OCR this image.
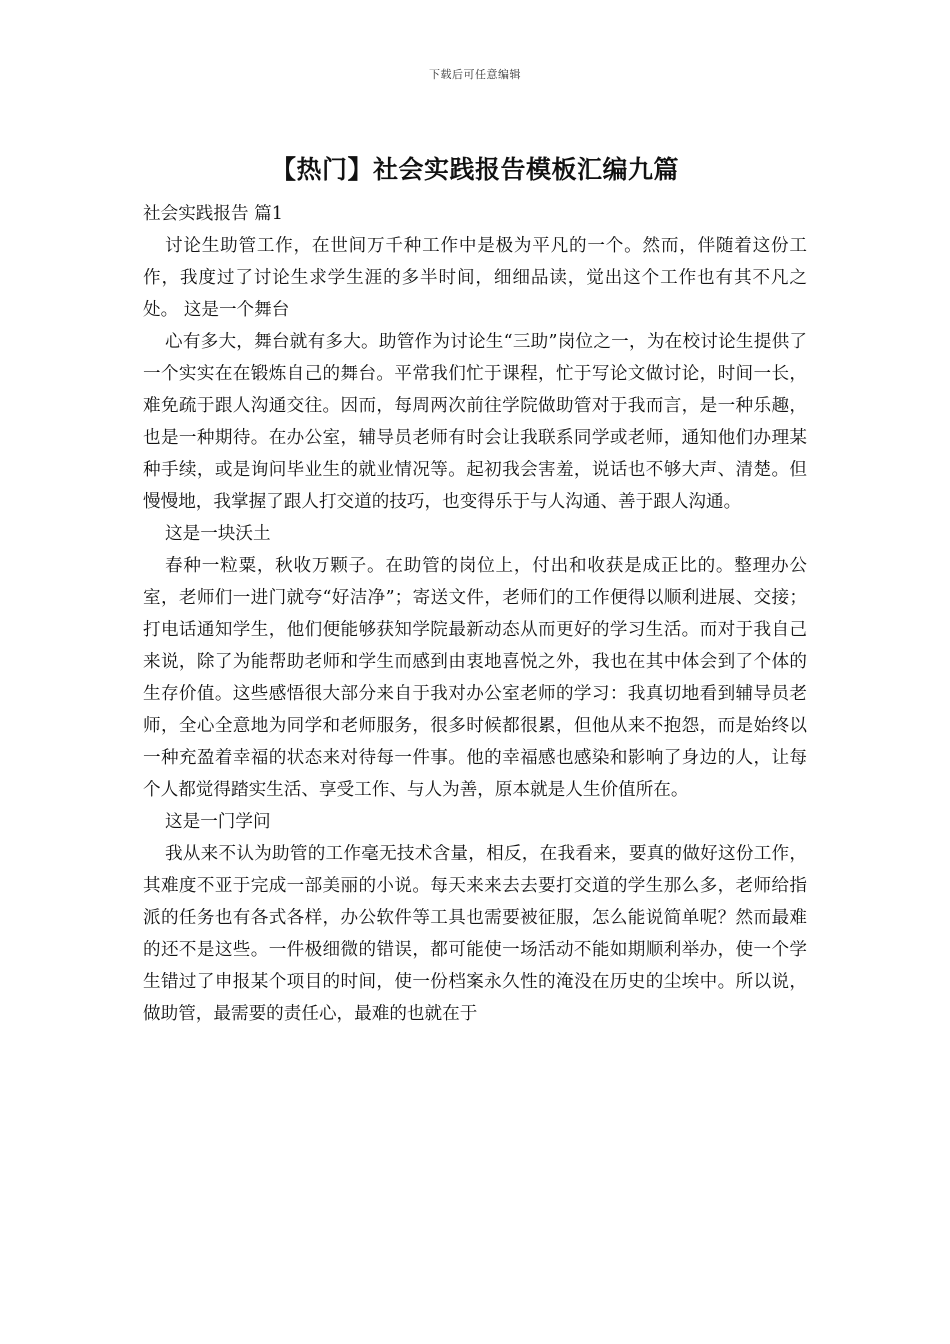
下载后可任意编辑
【热门】社会实践报告模板汇编九篇

社会实践报告 篇1

讨论生助管工作，在世间万千种工作中是极为平凡的一个。然而，伴随着这份工作，我度过了讨论生求学生涯的多半时间，细细品读，觉出这个工作也有其不凡之处。 这是一个舞台

心有多大，舞台就有多大。助管作为讨论生“三助”岗位之一，为在校讨论生提供了一个实实在在锻炼自己的舞台。平常我们忙于课程，忙于写论文做讨论，时间一长，难免疏于跟人沟通交往。因而，每周两次前往学院做助管对于我而言，是一种乐趣，也是一种期待。在办公室，辅导员老师有时会让我联系同学或老师，通知他们办理某种手续，或是询问毕业生的就业情况等。起初我会害羞，说话也不够大声、清楚。但慢慢地，我掌握了跟人打交道的技巧，也变得乐于与人沟通、善于跟人沟通。

这是一块沃土

春种一粒粟，秋收万颗子。在助管的岗位上，付出和收获是成正比的。整理办公室，老师们一进门就夸“好洁净”；寄送文件，老师们的工作便得以顺利进展、交接；打电话通知学生，他们便能够获知学院最新动态从而更好的学习生活。而对于我自己来说，除了为能帮助老师和学生而感到由衷地喜悦之外，我也在其中体会到了个体的生存价值。这些感悟很大部分来自于我对办公室老师的学习：我真切地看到辅导员老师，全心全意地为同学和老师服务，很多时候都很累，但他从来不抱怨，而是始终以一种充盈着幸福的状态来对待每一件事。他的幸福感也感染和影响了身边的人，让每个人都觉得踏实生活、享受工作、与人为善，原本就是人生价值所在。

这是一门学问

我从来不认为助管的工作毫无技术含量，相反，在我看来，要真的做好这份工作，其难度不亚于完成一部美丽的小说。每天来来去去要打交道的学生那么多，老师给指派的任务也有各式各样，办公软件等工具也需要被征服，怎么能说简单呢？然而最难的还不是这些。一件极细微的错误，都可能使一场活动不能如期顺利举办，使一个学生错过了申报某个项目的时间，使一份档案永久性的淹没在历史的尘埃中。所以说，做助管，最需要的责任心，最难的也就在于
